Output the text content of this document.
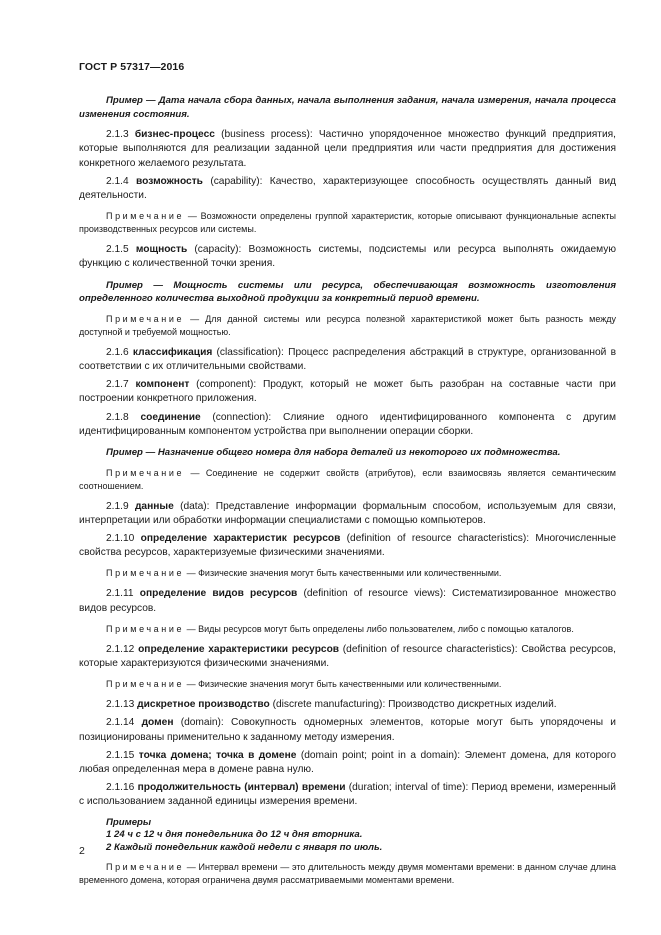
ГОСТ Р 57317—2016

Пример — Дата начала сбора данных, начала выполнения задания, начала измерения, начала процесса изменения состояния.

2.1.3 бизнес-процесс (business process): Частично упорядоченное множество функций предприятия, которые выполняются для реализации заданной цели предприятия или части предприятия для достижения конкретного желаемого результата.

2.1.4 возможность (capability): Качество, характеризующее способность осуществлять данный вид деятельности.

Примечание — Возможности определены группой характеристик, которые описывают функциональные аспекты производственных ресурсов или системы.

2.1.5 мощность (capacity): Возможность системы, подсистемы или ресурса выполнять ожидаемую функцию с количественной точки зрения.

Пример — Мощность системы или ресурса, обеспечивающая возможность изготовления определенного количества выходной продукции за конкретный период времени.

Примечание — Для данной системы или ресурса полезной характеристикой может быть разность между доступной и требуемой мощностью.

2.1.6 классификация (classification): Процесс распределения абстракций в структуре, организованной в соответствии с их отличительными свойствами.

2.1.7 компонент (component): Продукт, который не может быть разобран на составные части при построении конкретного приложения.

2.1.8 соединение (connection): Слияние одного идентифицированного компонента с другим идентифицированным компонентом устройства при выполнении операции сборки.

Пример — Назначение общего номера для набора деталей из некоторого их подмножества.

Примечание — Соединение не содержит свойств (атрибутов), если взаимосвязь является семантическим соотношением.

2.1.9 данные (data): Представление информации формальным способом, используемым для связи, интерпретации или обработки информации специалистами с помощью компьютеров.

2.1.10 определение характеристик ресурсов (definition of resource characteristics): Многочисленные свойства ресурсов, характеризуемые физическими значениями.

Примечание — Физические значения могут быть качественными или количественными.

2.1.11 определение видов ресурсов (definition of resource views): Систематизированное множество видов ресурсов.

Примечание — Виды ресурсов могут быть определены либо пользователем, либо с помощью каталогов.

2.1.12 определение характеристики ресурсов (definition of resource characteristics): Свойства ресурсов, которые характеризуются физическими значениями.

Примечание — Физические значения могут быть качественными или количественными.

2.1.13 дискретное производство (discrete manufacturing): Производство дискретных изделий.

2.1.14 домен (domain): Совокупность одномерных элементов, которые могут быть упорядочены и позиционированы применительно к заданному методу измерения.

2.1.15 точка домена; точка в домене (domain point; point in a domain): Элемент домена, для которого любая определенная мера в домене равна нулю.

2.1.16 продолжительность (интервал) времени (duration; interval of time): Период времени, измеренный с использованием заданной единицы измерения времени.

Примеры

1 24 ч с 12 ч дня понедельника до 12 ч дня вторника.

2 Каждый понедельник каждой недели с января по июль.

Примечание — Интервал времени — это длительность между двумя моментами времени: в данном случае длина временного домена, которая ограничена двумя рассматриваемыми моментами времени.

2
